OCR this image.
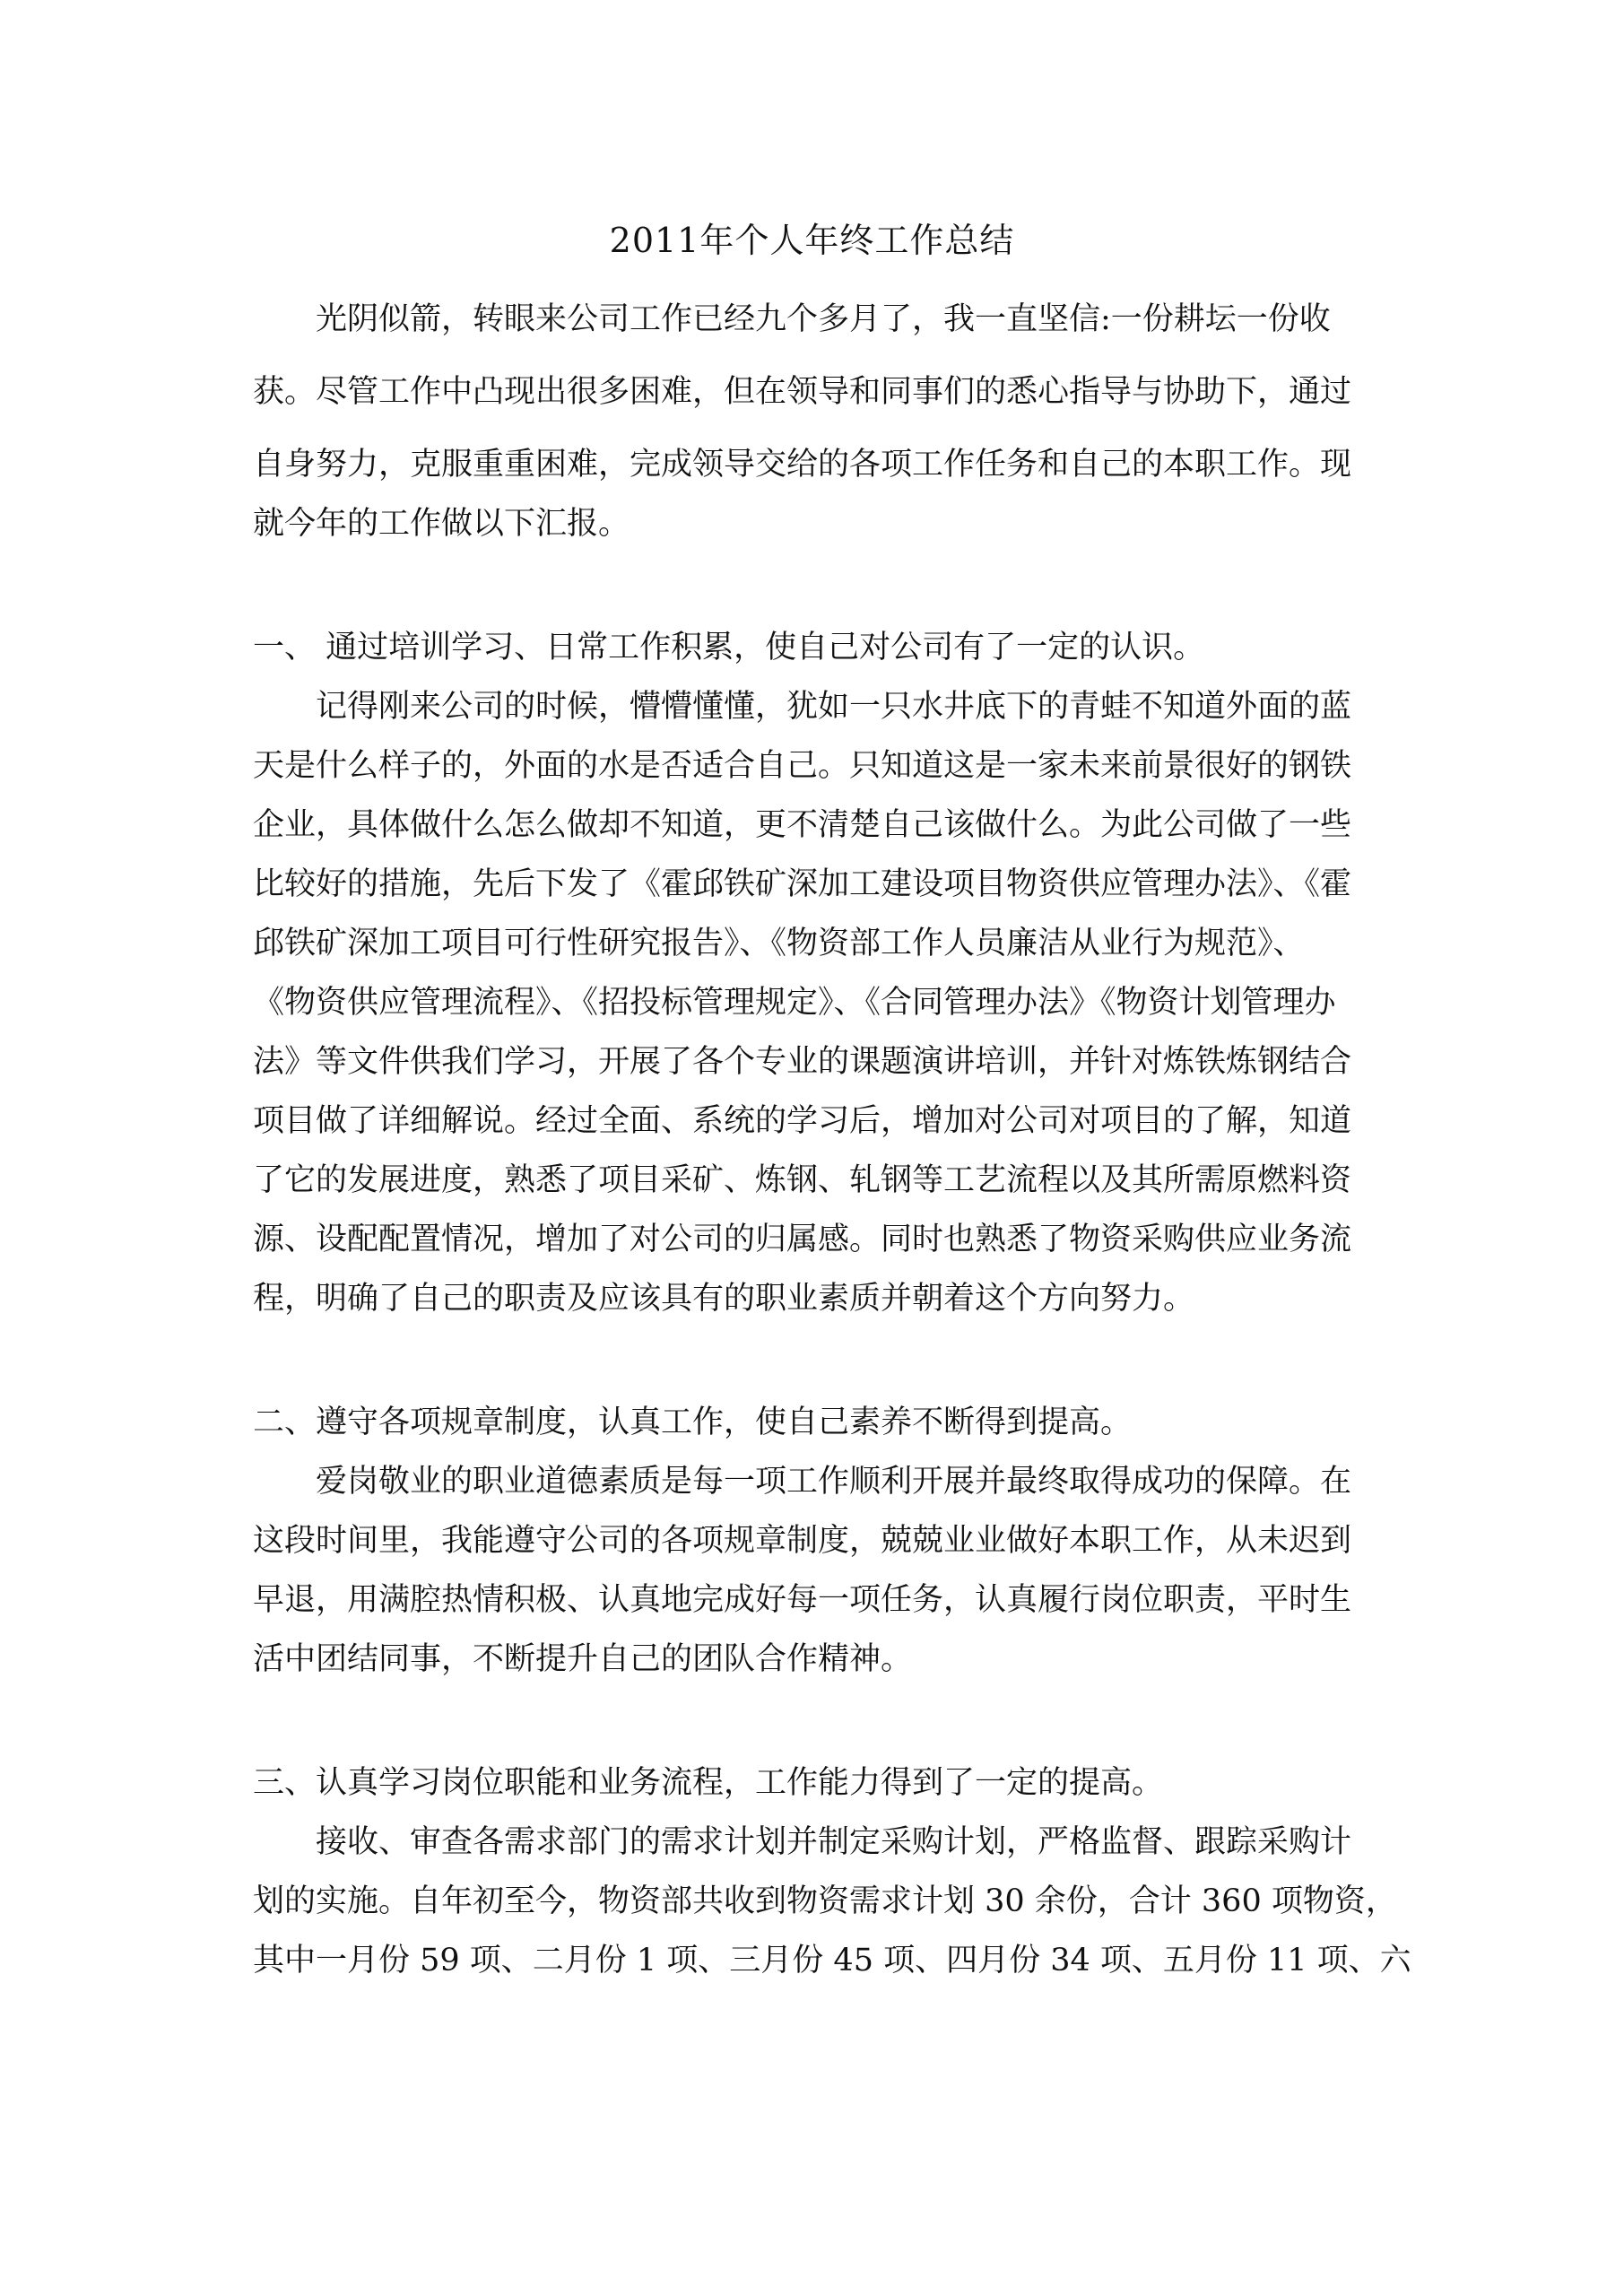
2011年个人年终工作总结

光阴似箭，转眼来公司工作已经九个多月了，我一直坚信:一份耕坛一份收

获。尽管工作中凸现出很多困难，但在领导和同事们的悉心指导与协助下，通过

自身努力，克服重重困难，完成领导交给的各项工作任务和自己的本职工作。现

就今年的工作做以下汇报。

一、 通过培训学习、日常工作积累，使自己对公司有了一定的认识。

记得刚来公司的时候，懵懵懂懂，犹如一只水井底下的青蛙不知道外面的蓝

天是什么样子的，外面的水是否适合自己。只知道这是一家未来前景很好的钢铁

企业，具体做什么怎么做却不知道，更不清楚自己该做什么。为此公司做了一些

比较好的措施，先后下发了《霍邱铁矿深加工建设项目物资供应管理办法》、《霍

邱铁矿深加工项目可行性研究报告》、《物资部工作人员廉洁从业行为规范》、

《物资供应管理流程》、《招投标管理规定》、《合同管理办法》《物资计划管理办

法》等文件供我们学习，开展了各个专业的课题演讲培训，并针对炼铁炼钢结合

项目做了详细解说。经过全面、系统的学习后，增加对公司对项目的了解，知道

了它的发展进度，熟悉了项目采矿、炼钢、轧钢等工艺流程以及其所需原燃料资

源、设配配置情况，增加了对公司的归属感。同时也熟悉了物资采购供应业务流

程，明确了自己的职责及应该具有的职业素质并朝着这个方向努力。

二、遵守各项规章制度，认真工作，使自己素养不断得到提高。

爱岗敬业的职业道德素质是每一项工作顺利开展并最终取得成功的保障。在

这段时间里，我能遵守公司的各项规章制度，兢兢业业做好本职工作，从未迟到

早退，用满腔热情积极、认真地完成好每一项任务，认真履行岗位职责，平时生

活中团结同事，不断提升自己的团队合作精神。

三、认真学习岗位职能和业务流程，工作能力得到了一定的提高。

接收、审查各需求部门的需求计划并制定采购计划，严格监督、跟踪采购计

划的实施。自年初至今，物资部共收到物资需求计划 30 余份，合计 360 项物资，

其中一月份 59 项、二月份 1 项、三月份 45 项、四月份 34 项、五月份 11 项、六
